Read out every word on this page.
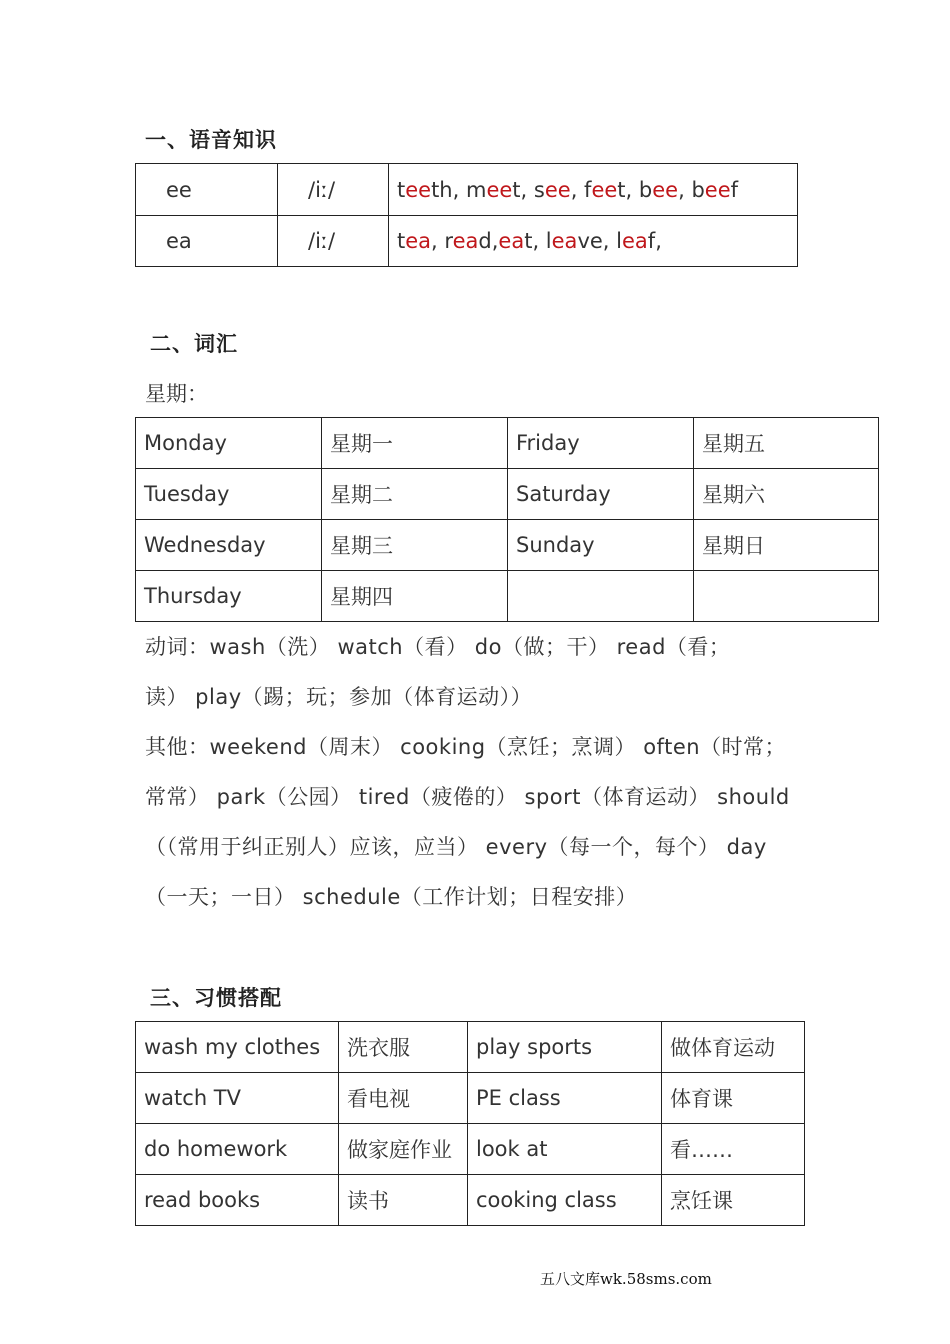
一、语音知识
ee	/iː/	teeth, meet, see, feet, bee, beef
ea	/iː/	tea, read,eat, leave, leaf,
二、词汇
星期：
Monday	星期一	Friday	星期五
Tuesday	星期二	Saturday	星期六
Wednesday	星期三	Sunday	星期日
Thursday	星期四		
动词：wash（洗） watch（看） do（做；干） read（看；
读） play（踢；玩；参加（体育运动））
其他：weekend（周末） cooking（烹饪；烹调） often（时常；
常常） park（公园） tired（疲倦的） sport（体育运动） should
（（常用于纠正别人）应该，应当） every（每一个，每个） day
（一天；一日） schedule（工作计划；日程安排）
三、习惯搭配
wash my clothes	洗衣服	play sports	做体育运动
watch TV	看电视	PE class	体育课
do homework	做家庭作业	look at	看……
read books	读书	cooking class	烹饪课
五八文库wk.58sms.com
